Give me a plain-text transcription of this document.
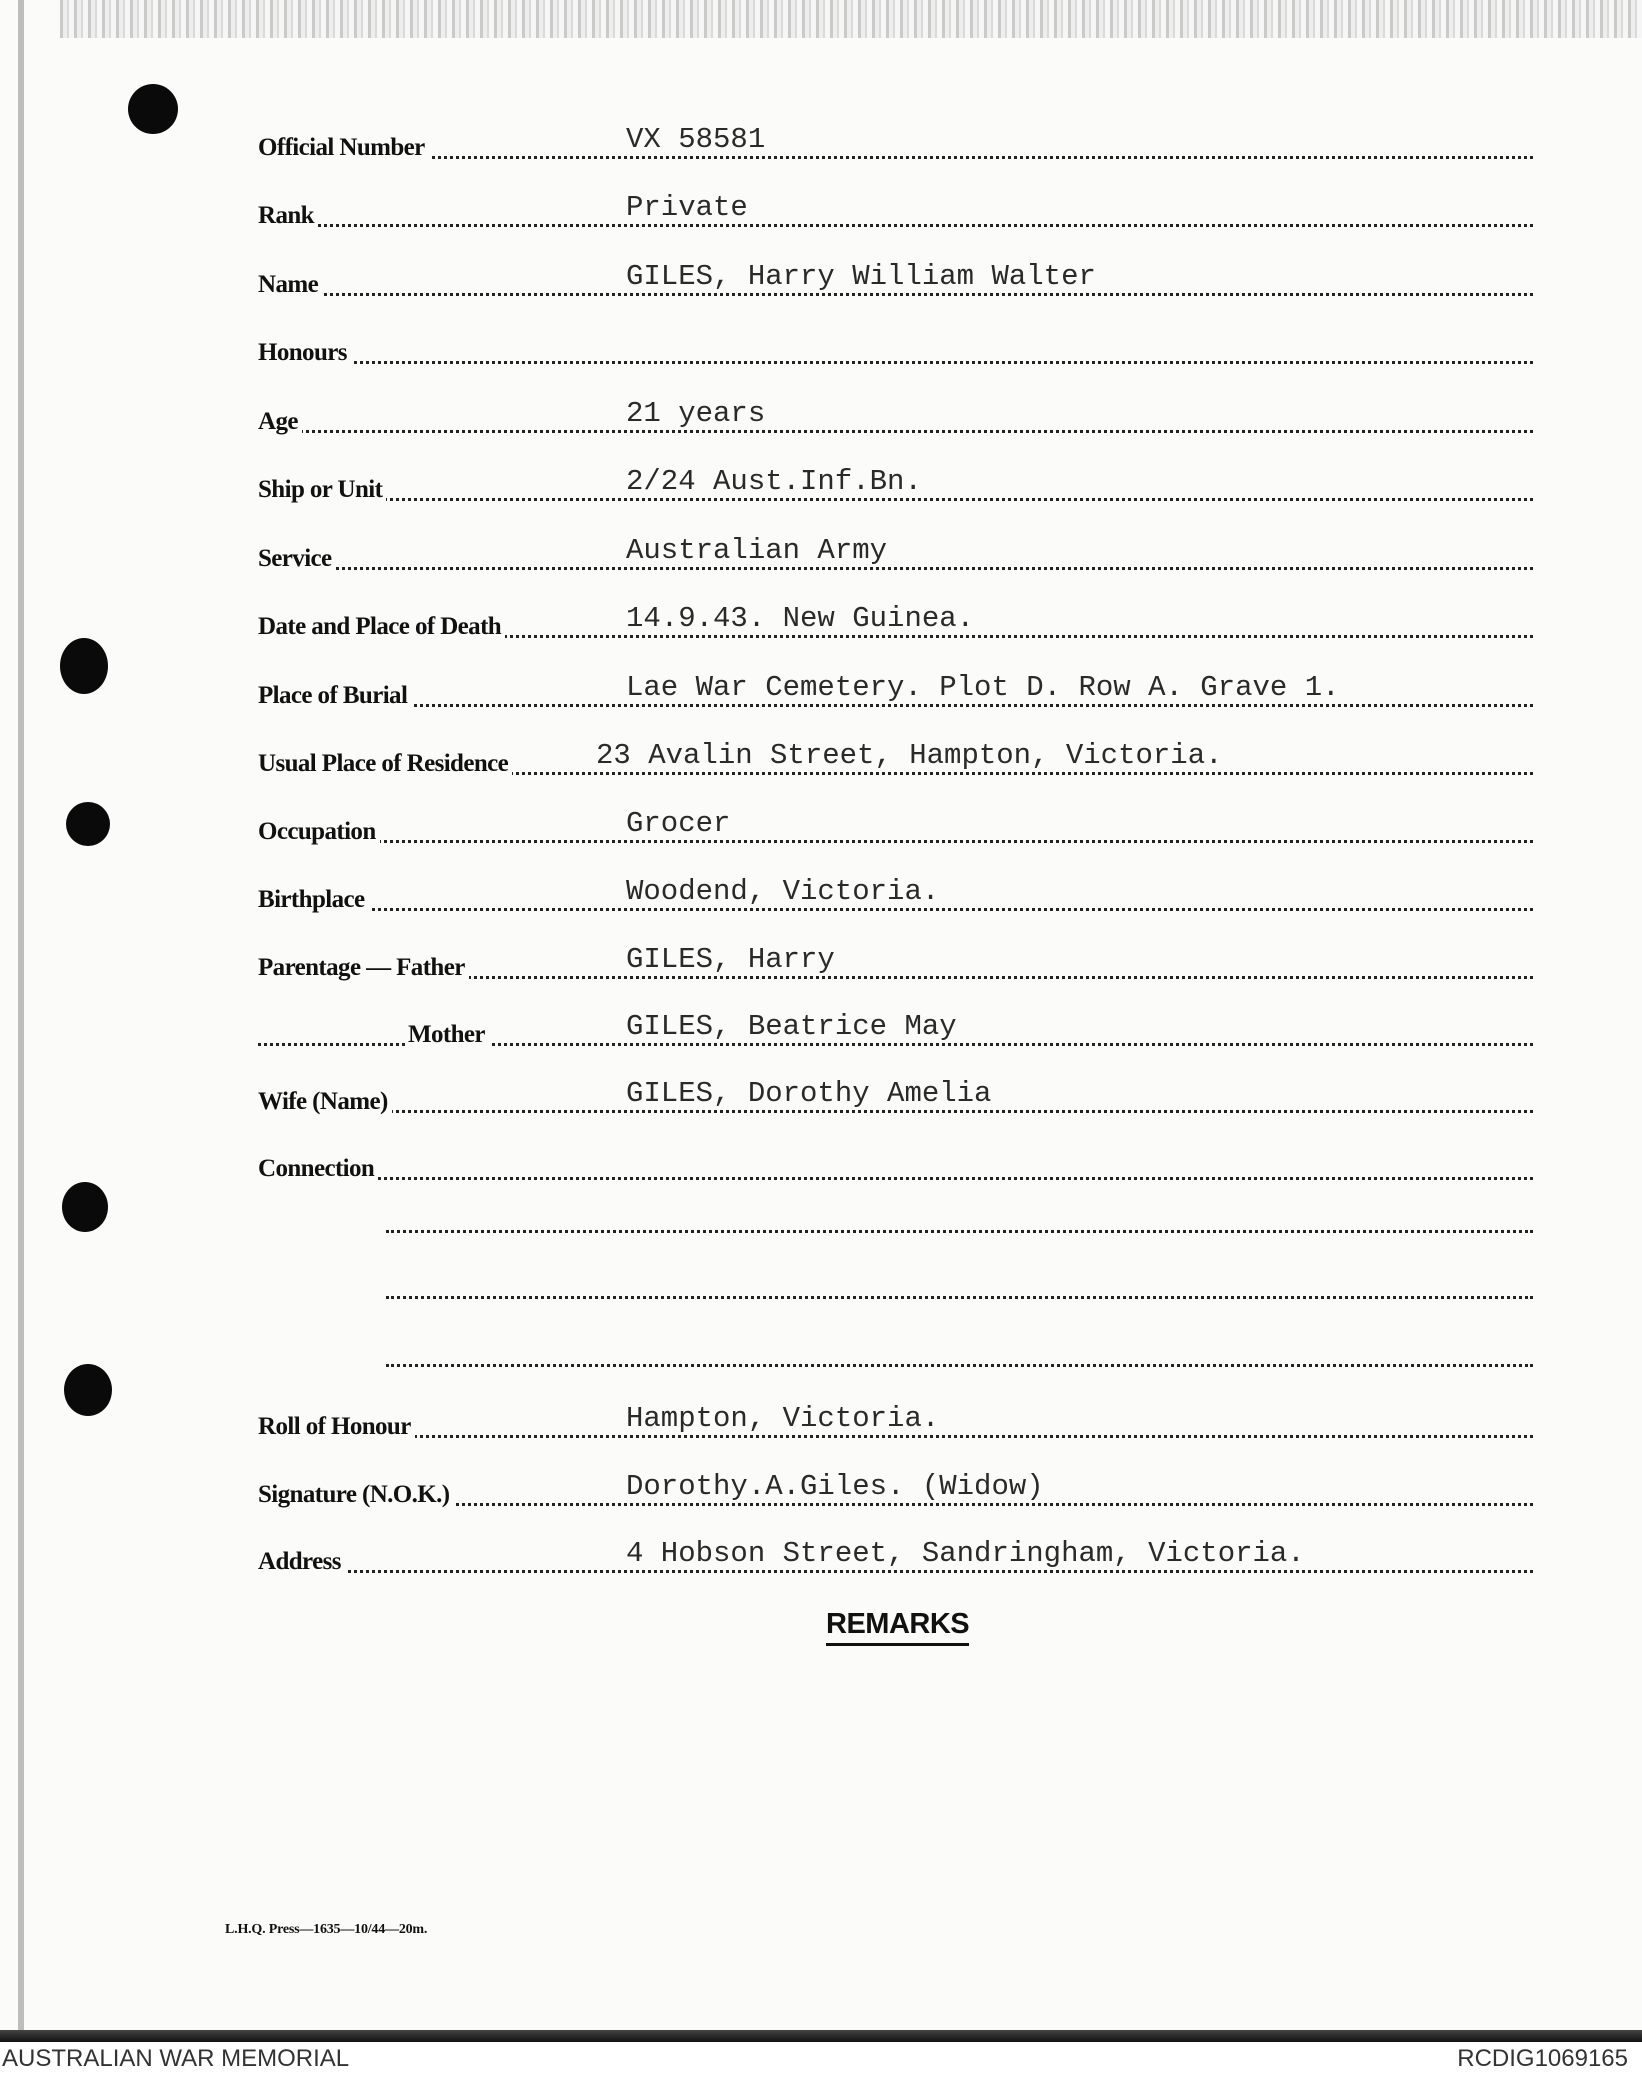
Official Number	VX 58581
Rank	Private
Name	GILES, Harry William Walter
Honours
Age	21 years
Ship or Unit	2/24 Aust.Inf.Bn.
Service	Australian Army
Date and Place of Death	14.9.43. New Guinea.
Place of Burial	Lae War Cemetery. Plot D. Row A. Grave 1.
Usual Place of Residence	23 Avalin Street, Hampton, Victoria.
Occupation	Grocer
Birthplace	Woodend, Victoria.
Parentage — Father	GILES, Harry
Mother	GILES, Beatrice May
Wife (Name)	GILES, Dorothy Amelia
Connection
Roll of Honour	Hampton, Victoria.
Signature (N.O.K.)	Dorothy.A.Giles. (Widow)
Address	4 Hobson Street, Sandringham, Victoria.
REMARKS
L.H.Q. Press—1635—10/44—20m.
AUSTRALIAN WAR MEMORIAL	RCDIG1069165
